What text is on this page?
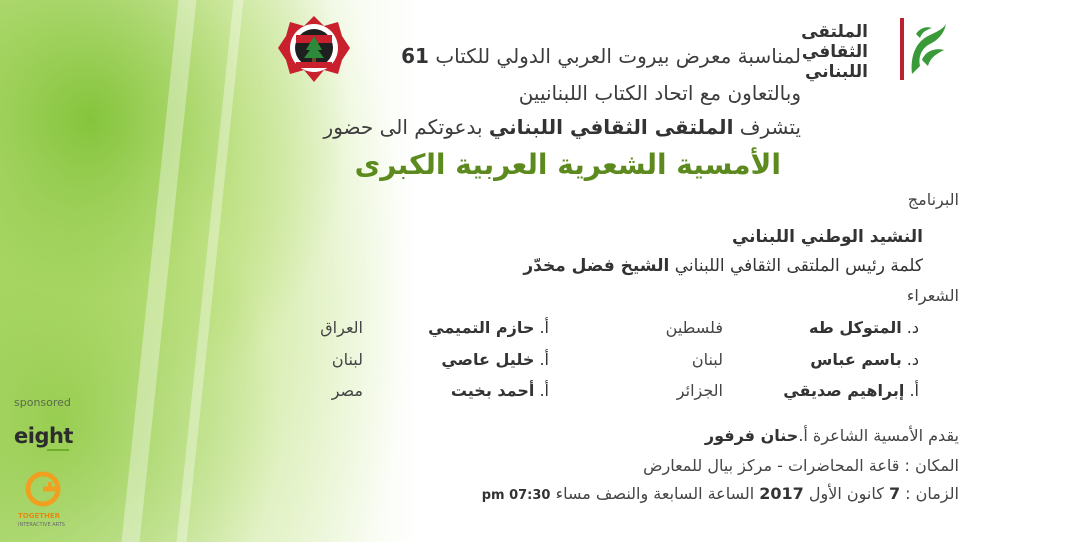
لمناسبة معرض بيروت العربي الدولي للكتاب 61
وبالتعاون مع اتحاد الكتاب اللبنانيين
يتشرف الملتقى الثقافي اللبناني بدعوتكم الى حضور
الأمسية الشعرية العربية الكبرى
الملتقى
الثقافي
اللبناني
البرنامج
النشيد الوطني اللبناني
كلمة رئيس الملتقى الثقافي اللبناني الشيخ فضل مخدّر
الشعراء
د. المتوكل طه
فلسطين
أ. حازم التميمي
العراق
د. باسم عباس
لبنان
أ. خليل عاصي
لبنان
أ. إبراهيم صديقي
الجزائر
أ. أحمد بخيت
مصر
يقدم الأمسية الشاعرة أ.حنان فرفور
المكان : قاعة المحاضرات - مركز بيال للمعارض
الزمان : 7 كانون الأول 2017 الساعة السابعة والنصف مساء 07:30 pm
sponsored
eight
TOGETHER
INTERACTIVE ARTS
